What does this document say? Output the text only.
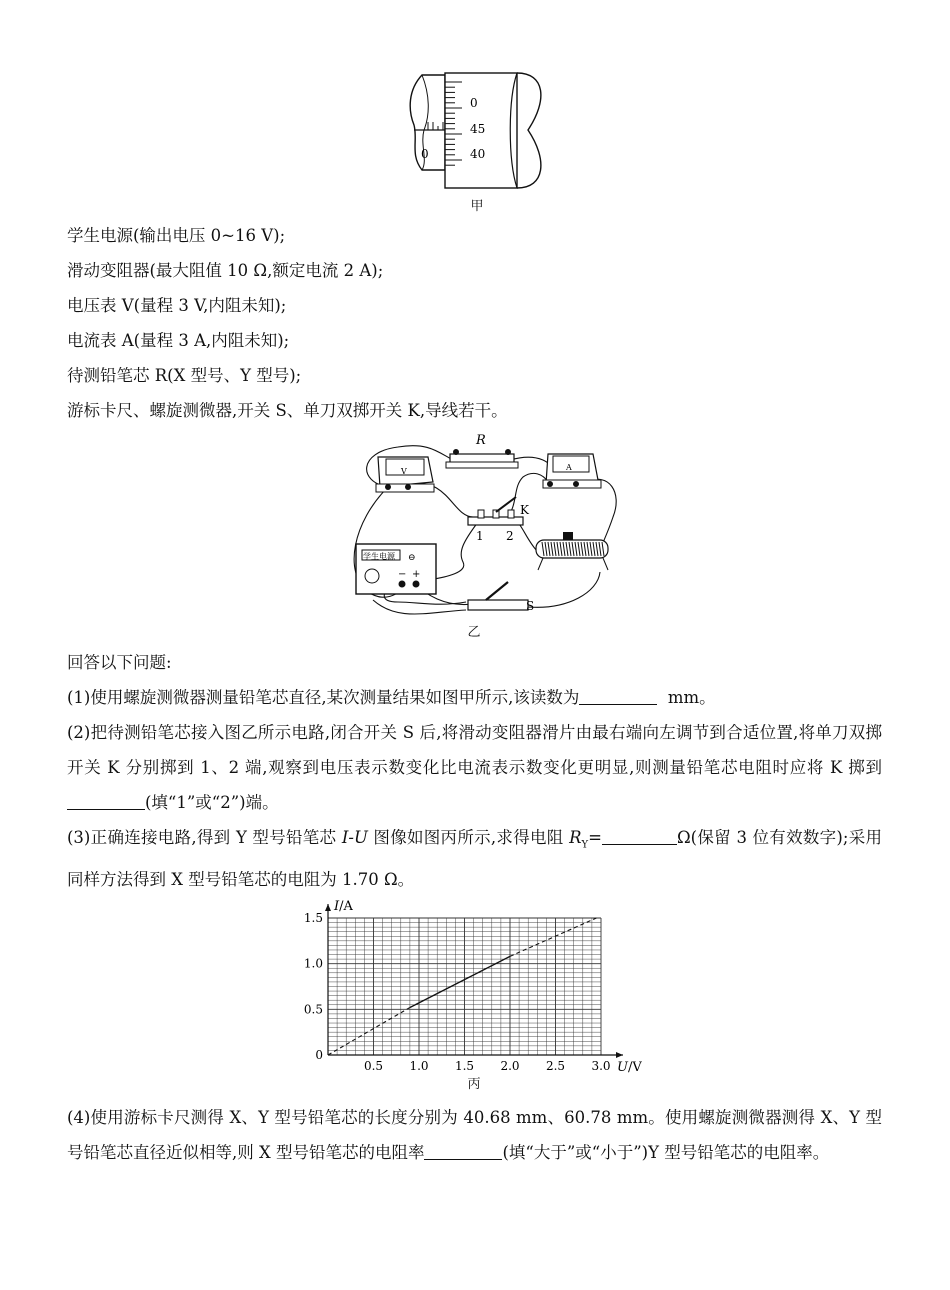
0
0
45
40
甲
学生电源(输出电压 0~16 V);
滑动变阻器(最大阻值 10 Ω,额定电流 2 A);
电压表 V(量程 3 V,内阻未知);
电流表 A(量程 3 A,内阻未知);
待测铅笔芯 R(X 型号、Y 型号);
游标卡尺、螺旋测微器,开关 S、单刀双掷开关 K,导线若干。
R
V	A
K
1 2
学生电源 ⊖
− +
S
乙
回答以下问题:
(1)使用螺旋测微器测量铅笔芯直径,某次测量结果如图甲所示,该读数为	mm。
(2)把待测铅笔芯接入图乙所示电路,闭合开关 S 后,将滑动变阻器滑片由最右端向左调节到合适位置,将单刀双掷开关 K 分别掷到 1、2 端,观察到电压表示数变化比电流表示数变化更明显,则测量铅笔芯电阻时应将 K 掷到(填“1”或“2”)端。
(3)正确连接电路,得到 Y 型号铅笔芯 I-U 图像如图丙所示,求得电阻 $R_Y=$	Ω(保留 3 位有效数字);采用同样方法得到 X 型号铅笔芯的电阻为 1.70 Ω。
I/A
U/V
0.5 1.0 1.5 2.0 2.5 3.0
0
0.5
1.0
1.5
丙
(4)使用游标卡尺测得 X、Y 型号铅笔芯的长度分别为 40.68 mm、60.78 mm。使用螺旋测微器测得 X、Y 型号铅笔芯直径近似相等,则 X 型号铅笔芯的电阻率	(填“大于”或“小于”)Y 型号铅笔芯的电阻率。
